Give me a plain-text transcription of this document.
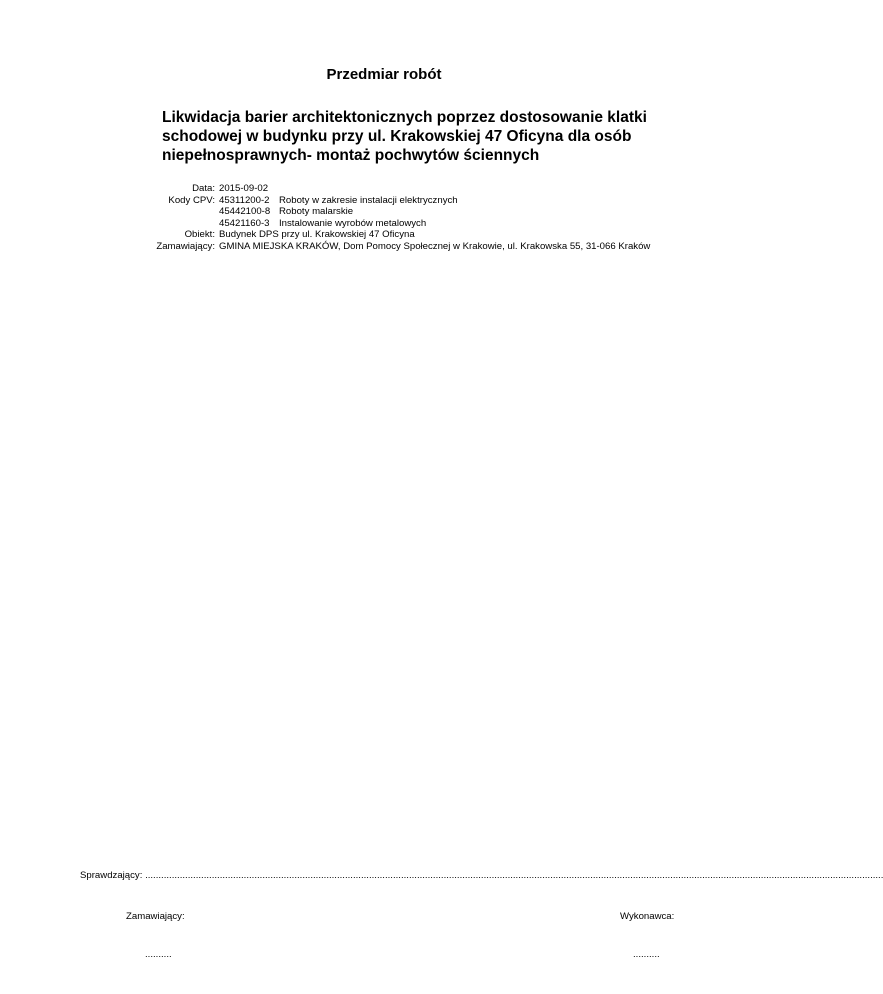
Przedmiar robót
Likwidacja barier architektonicznych poprzez dostosowanie klatki schodowej w budynku przy ul. Krakowskiej 47 Oficyna dla osób niepełnosprawnych- montaż pochwytów ściennych
Data: 2015-09-02
Kody CPV: 45311200-2 Roboty w zakresie instalacji elektrycznych
45442100-8 Roboty malarskie
45421160-3 Instalowanie wyrobów metalowych
Obiekt: Budynek DPS przy ul. Krakowskiej 47 Oficyna
Zamawiający: GMINA MIEJSKA KRAKÓW, Dom Pomocy Społecznej w Krakowie, ul. Krakowska 55, 31-066 Kraków
Sprawdzający:
.....................................................................................................................................................................................................................................................................................
Zamawiający:	Wykonawca:
..........	..........
